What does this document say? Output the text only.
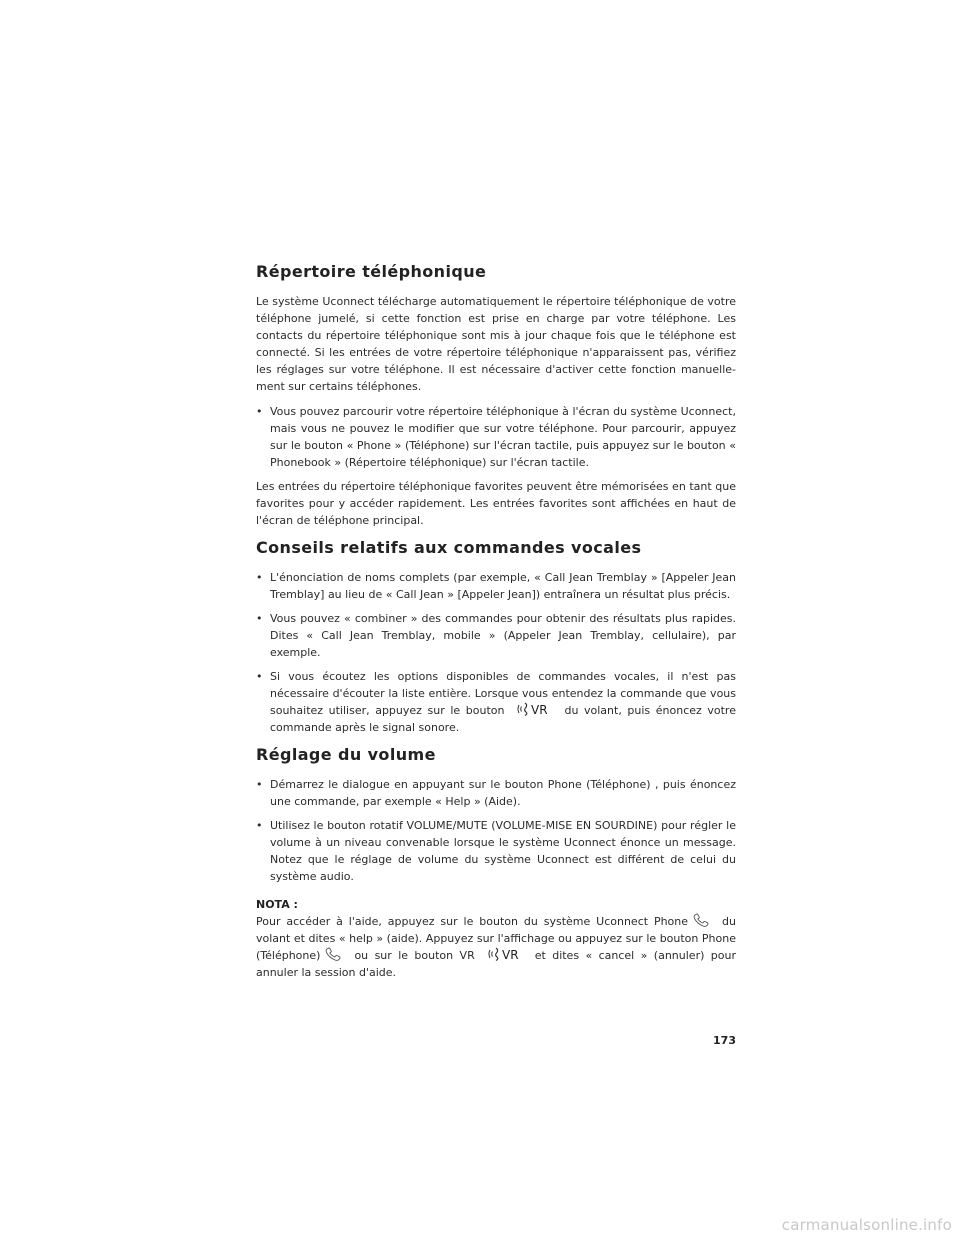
Répertoire téléphonique

Le système Uconnect télécharge automatiquement le répertoire téléphonique de votre téléphone jumelé, si cette fonction est prise en charge par votre téléphone. Les contacts du répertoire téléphonique sont mis à jour chaque fois que le téléphone est connecté. Si les entrées de votre répertoire téléphonique n'apparaissent pas, vérifiez les réglages sur votre téléphone. Il est nécessaire d'activer cette fonction manuelle-ment sur certains téléphones.

• Vous pouvez parcourir votre répertoire téléphonique à l'écran du système Uconnect, mais vous ne pouvez le modifier que sur votre téléphone. Pour parcourir, appuyez sur le bouton « Phone » (Téléphone) sur l'écran tactile, puis appuyez sur le bouton « Phonebook » (Répertoire téléphonique) sur l'écran tactile.

Les entrées du répertoire téléphonique favorites peuvent être mémorisées en tant que favorites pour y accéder rapidement. Les entrées favorites sont affichées en haut de l'écran de téléphone principal.

Conseils relatifs aux commandes vocales
• L'énonciation de noms complets (par exemple, « Call Jean Tremblay » [Appeler Jean Tremblay] au lieu de « Call Jean » [Appeler Jean]) entraînera un résultat plus précis.
• Vous pouvez « combiner » des commandes pour obtenir des résultats plus rapides. Dites « Call Jean Tremblay, mobile » (Appeler Jean Tremblay, cellulaire), par exemple.
• Si vous écoutez les options disponibles de commandes vocales, il n'est pas nécessaire d'écouter la liste entière. Lorsque vous entendez la commande que vous souhaitez utiliser, appuyez sur le bouton VR du volant, puis énoncez votre commande après le signal sonore.
Réglage du volume
• Démarrez le dialogue en appuyant sur le bouton Phone (Téléphone) , puis énoncez une commande, par exemple « Help » (Aide).
• Utilisez le bouton rotatif VOLUME/MUTE (VOLUME-MISE EN SOURDINE) pour régler le volume à un niveau convenable lorsque le système Uconnect énonce un message. Notez que le réglage de volume du système Uconnect est différent de celui du système audio.
NOTA :

Pour accéder à l'aide, appuyez sur le bouton du système Uconnect Phone	du volant et dites « help » (aide). Appuyez sur l'affichage ou appuyez sur le bouton Phone (Téléphone)	ou sur le bouton VR VR et dites « cancel » (annuler) pour annuler la session d'aide.

173
carmanualsonline.info
